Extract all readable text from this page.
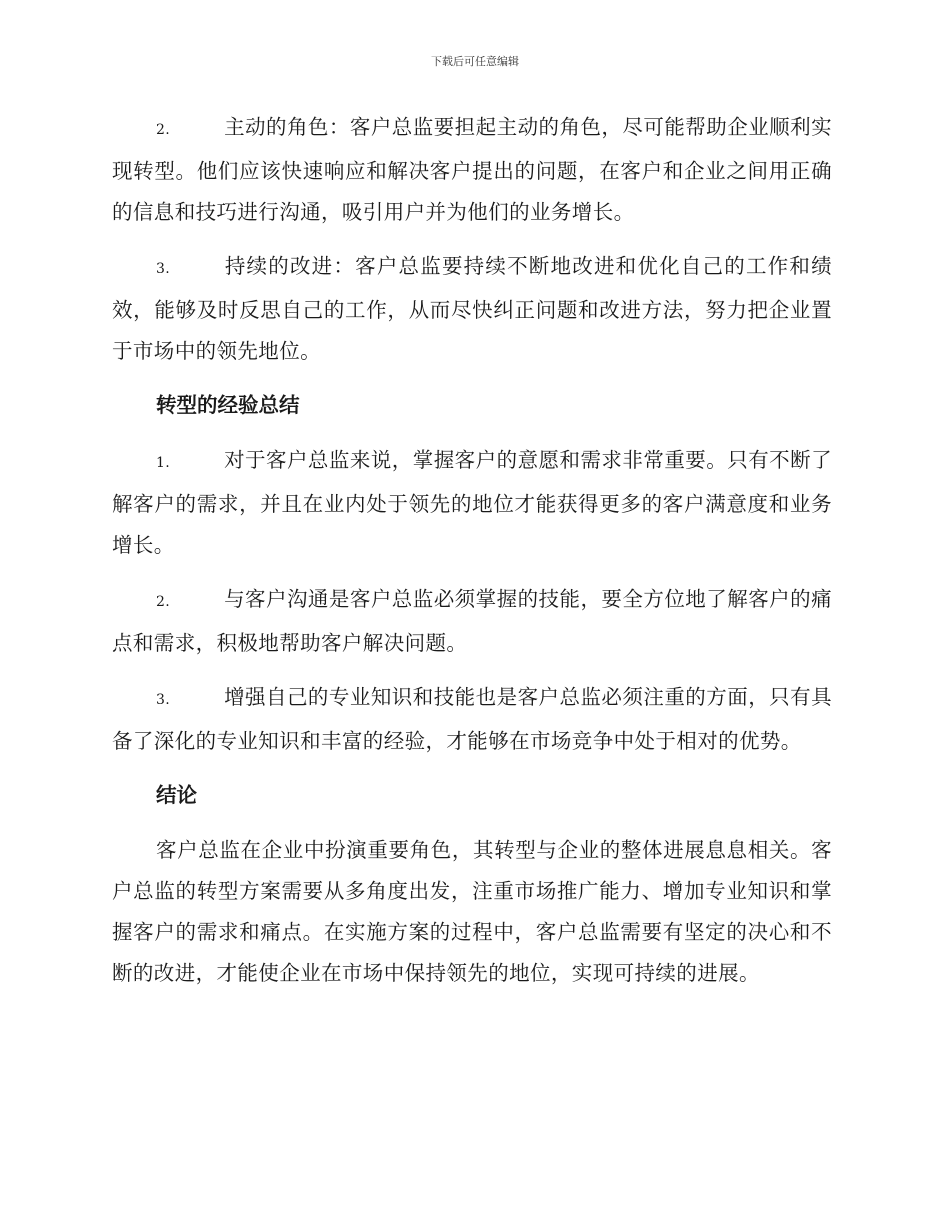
下载后可任意编辑

2.	主动的角色：客户总监要担起主动的角色，尽可能帮助企业顺利实现转型。他们应该快速响应和解决客户提出的问题，在客户和企业之间用正确的信息和技巧进行沟通，吸引用户并为他们的业务增长。

3.	持续的改进：客户总监要持续不断地改进和优化自己的工作和绩效，能够及时反思自己的工作，从而尽快纠正问题和改进方法，努力把企业置于市场中的领先地位。

转型的经验总结

1.	对于客户总监来说，掌握客户的意愿和需求非常重要。只有不断了解客户的需求，并且在业内处于领先的地位才能获得更多的客户满意度和业务增长。

2.	与客户沟通是客户总监必须掌握的技能，要全方位地了解客户的痛点和需求，积极地帮助客户解决问题。

3.	增强自己的专业知识和技能也是客户总监必须注重的方面，只有具备了深化的专业知识和丰富的经验，才能够在市场竞争中处于相对的优势。

结论

客户总监在企业中扮演重要角色，其转型与企业的整体进展息息相关。客户总监的转型方案需要从多角度出发，注重市场推广能力、增加专业知识和掌握客户的需求和痛点。在实施方案的过程中，客户总监需要有坚定的决心和不断的改进，才能使企业在市场中保持领先的地位，实现可持续的进展。
